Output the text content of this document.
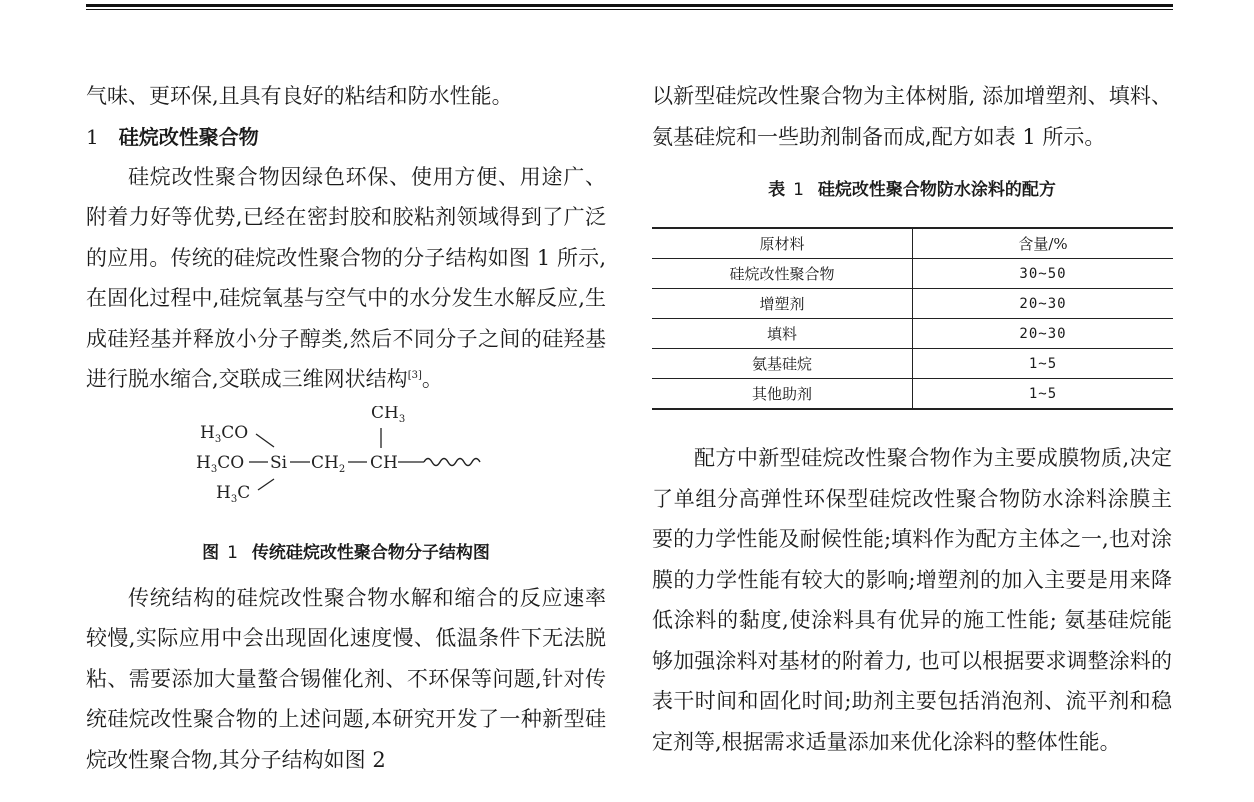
气味、更环保,且具有良好的粘结和防水性能。

1 硅烷改性聚合物

硅烷改性聚合物因绿色环保、使用方便、用途广、附着力好等优势,已经在密封胶和胶粘剂领域得到了广泛的应用。传统的硅烷改性聚合物的分子结构如图 1 所示,在固化过程中,硅烷氧基与空气中的水分发生水解反应,生成硅羟基并释放小分子醇类,然后不同分子之间的硅羟基进行脱水缩合,交联成三维网状结构[3]。

$CH_3$
$H_3CO$
$H_3CO$ Si $CH_2$ CH
$H_3C$
图 1 传统硅烷改性聚合物分子结构图

传统结构的硅烷改性聚合物水解和缩合的反应速率较慢,实际应用中会出现固化速度慢、低温条件下无法脱粘、需要添加大量螯合锡催化剂、不环保等问题,针对传统硅烷改性聚合物的上述问题,本研究开发了一种新型硅烷改性聚合物,其分子结构如图 2

以新型硅烷改性聚合物为主体树脂, 添加增塑剂、填料、氨基硅烷和一些助剂制备而成,配方如表 1 所示。

表 1 硅烷改性聚合物防水涂料的配方
原材料	含量/%
硅烷改性聚合物	30~50
增塑剂	20~30
填料	20~30
氨基硅烷	1~5
其他助剂	1~5

配方中新型硅烷改性聚合物作为主要成膜物质,决定了单组分高弹性环保型硅烷改性聚合物防水涂料涂膜主要的力学性能及耐候性能;填料作为配方主体之一,也对涂膜的力学性能有较大的影响;增塑剂的加入主要是用来降低涂料的黏度,使涂料具有优异的施工性能; 氨基硅烷能够加强涂料对基材的附着力, 也可以根据要求调整涂料的表干时间和固化时间;助剂主要包括消泡剂、流平剂和稳定剂等,根据需求适量添加来优化涂料的整体性能。
